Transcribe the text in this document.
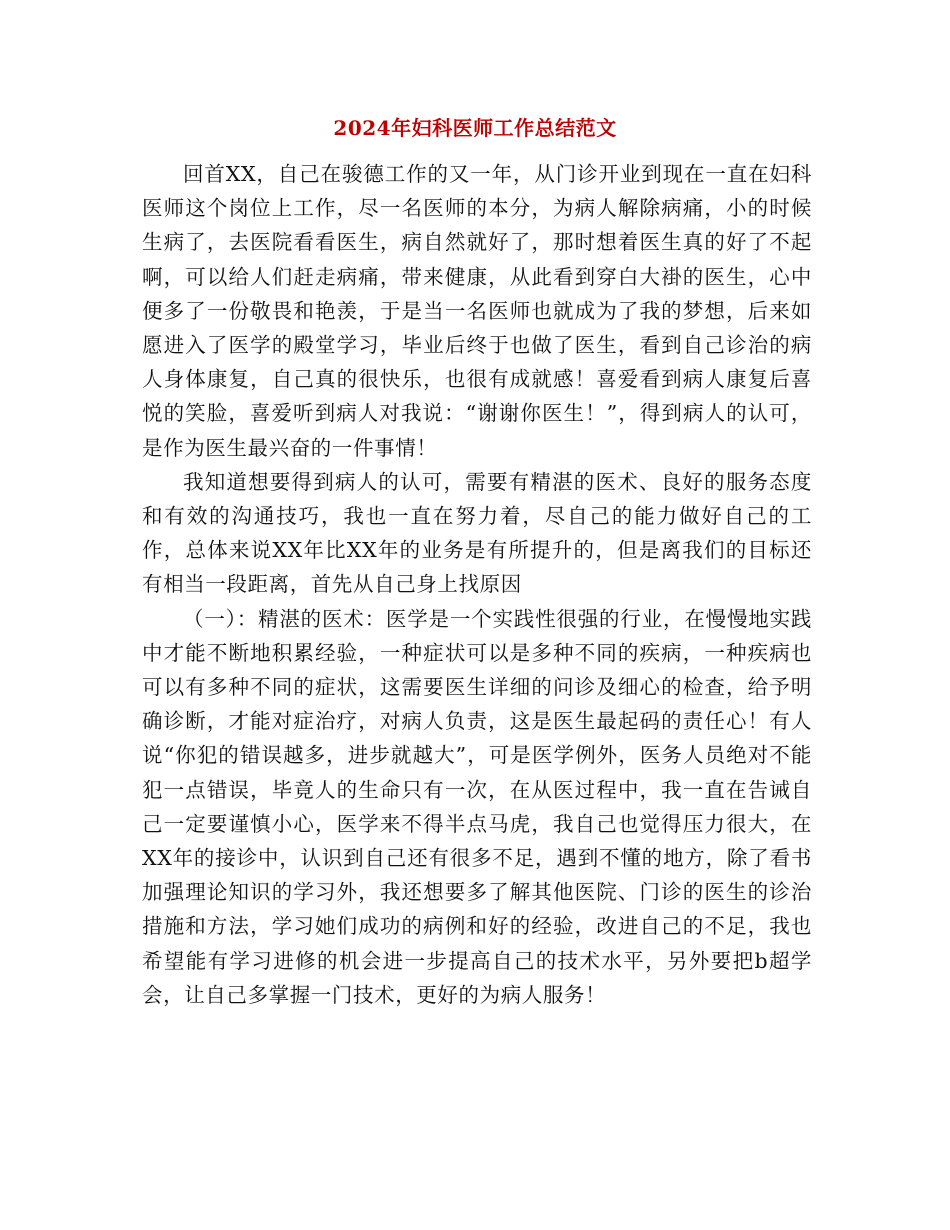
2024年妇科医师工作总结范文

回首XX，自己在骏德工作的又一年，从门诊开业到现在一直在妇科医师这个岗位上工作，尽一名医师的本分，为病人解除病痛，小的时候生病了，去医院看看医生，病自然就好了，那时想着医生真的好了不起啊，可以给人们赶走病痛，带来健康，从此看到穿白大褂的医生，心中便多了一份敬畏和艳羡，于是当一名医师也就成为了我的梦想，后来如愿进入了医学的殿堂学习，毕业后终于也做了医生，看到自己诊治的病人身体康复，自己真的很快乐，也很有成就感！喜爱看到病人康复后喜悦的笑脸，喜爱听到病人对我说：“谢谢你医生！”，得到病人的认可，是作为医生最兴奋的一件事情！

我知道想要得到病人的认可，需要有精湛的医术、良好的服务态度和有效的沟通技巧，我也一直在努力着，尽自己的能力做好自己的工作，总体来说XX年比XX年的业务是有所提升的，但是离我们的目标还有相当一段距离，首先从自己身上找原因

（一）：精湛的医术：医学是一个实践性很强的行业，在慢慢地实践中才能不断地积累经验，一种症状可以是多种不同的疾病，一种疾病也可以有多种不同的症状，这需要医生详细的问诊及细心的检查，给予明确诊断，才能对症治疗，对病人负责，这是医生最起码的责任心！有人说“你犯的错误越多，进步就越大”，可是医学例外，医务人员绝对不能犯一点错误，毕竟人的生命只有一次，在从医过程中，我一直在告诫自己一定要谨慎小心，医学来不得半点马虎，我自己也觉得压力很大，在XX年的接诊中，认识到自己还有很多不足，遇到不懂的地方，除了看书加强理论知识的学习外，我还想要多了解其他医院、门诊的医生的诊治措施和方法，学习她们成功的病例和好的经验，改进自己的不足，我也希望能有学习进修的机会进一步提高自己的技术水平，另外要把b超学会，让自己多掌握一门技术，更好的为病人服务！
